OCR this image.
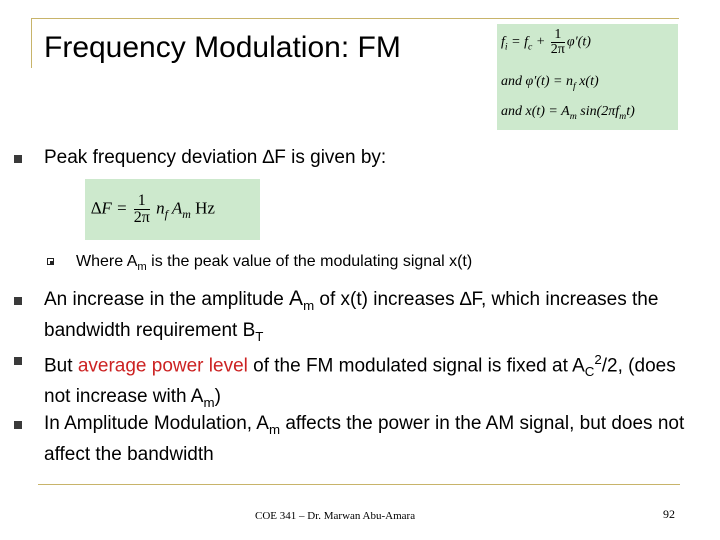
Frequency Modulation: FM	$f_i = f_c + \frac{1}{2\pi} \varphi'(t)$
and $\varphi'(t) = n_f$ x(t)
and $x(t) = A_m$ $\sin(2\pi f_mt)$
Peak frequency deviation ∆F is given by:
$\Delta F = \frac{1}{2\pi} n_f$ $A_m$ Hz
Where $A_m$ is the peak value of the modulating signal x(t)
An increase in the amplitude $A_m$ of x(t) increases ∆F, which increases the bandwidth requirement $B_T$
But average power level of the FM modulated signal is fixed at $A_C^2/2$, (does not increase with $A_m$)
In Amplitude Modulation, $A_m$ affects the power in the AM signal, but does not affect the bandwidth
COE 341 – Dr. Marwan Abu-Amara	92
